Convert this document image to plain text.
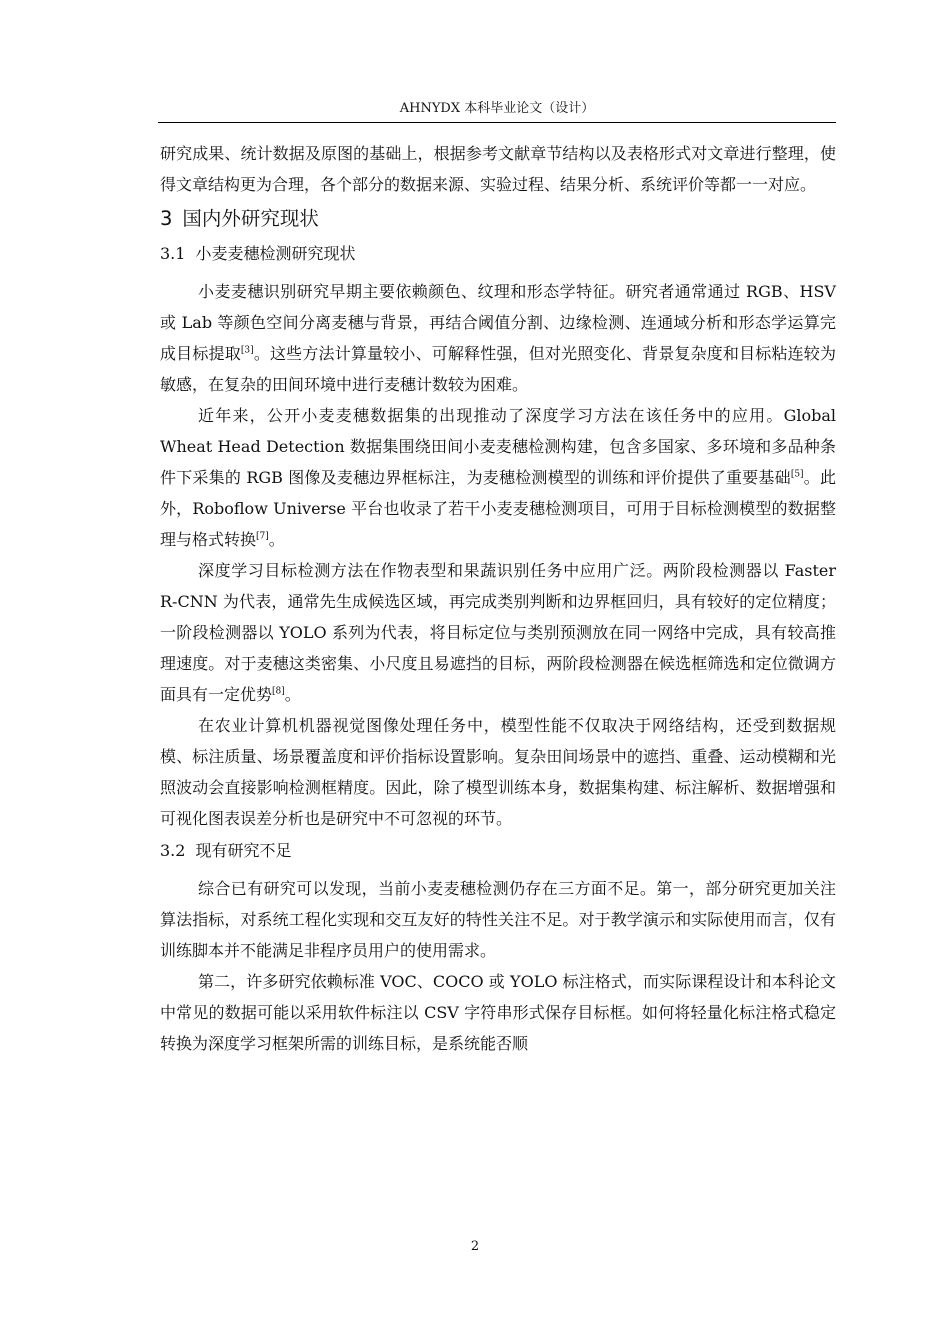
AHNYDX 本科毕业论文（设计）

研究成果、统计数据及原图的基础上，根据参考文献章节结构以及表格形式对文章进行整理，使得文章结构更为合理，各个部分的数据来源、实验过程、结果分析、系统评价等都一一对应。

3 国内外研究现状
3.1 小麦麦穗检测研究现状

小麦麦穗识别研究早期主要依赖颜色、纹理和形态学特征。研究者通常通过 RGB、HSV 或 Lab 等颜色空间分离麦穗与背景，再结合阈值分割、边缘检测、连通域分析和形态学运算完成目标提取[3]。这些方法计算量较小、可解释性强，但对光照变化、背景复杂度和目标粘连较为敏感，在复杂的田间环境中进行麦穗计数较为困难。

近年来，公开小麦麦穗数据集的出现推动了深度学习方法在该任务中的应用。Global Wheat Head Detection 数据集围绕田间小麦麦穗检测构建，包含多国家、多环境和多品种条件下采集的 RGB 图像及麦穗边界框标注，为麦穗检测模型的训练和评价提供了重要基础[5]。此外，Roboflow Universe 平台也收录了若干小麦麦穗检测项目，可用于目标检测模型的数据整理与格式转换[7]。

深度学习目标检测方法在作物表型和果蔬识别任务中应用广泛。两阶段检测器以 Faster R-CNN 为代表，通常先生成候选区域，再完成类别判断和边界框回归，具有较好的定位精度；一阶段检测器以 YOLO 系列为代表，将目标定位与类别预测放在同一网络中完成，具有较高推理速度。对于麦穗这类密集、小尺度且易遮挡的目标，两阶段检测器在候选框筛选和定位微调方面具有一定优势[8]。

在农业计算机机器视觉图像处理任务中，模型性能不仅取决于网络结构，还受到数据规模、标注质量、场景覆盖度和评价指标设置影响。复杂田间场景中的遮挡、重叠、运动模糊和光照波动会直接影响检测框精度。因此，除了模型训练本身，数据集构建、标注解析、数据增强和可视化图表误差分析也是研究中不可忽视的环节。

3.2 现有研究不足

综合已有研究可以发现，当前小麦麦穗检测仍存在三方面不足。第一，部分研究更加关注算法指标，对系统工程化实现和交互友好的特性关注不足。对于教学演示和实际使用而言，仅有训练脚本并不能满足非程序员用户的使用需求。

第二，许多研究依赖标准 VOC、COCO 或 YOLO 标注格式，而实际课程设计和本科论文中常见的数据可能以采用软件标注以 CSV 字符串形式保存目标框。如何将轻量化标注格式稳定转换为深度学习框架所需的训练目标，是系统能否顺

2
